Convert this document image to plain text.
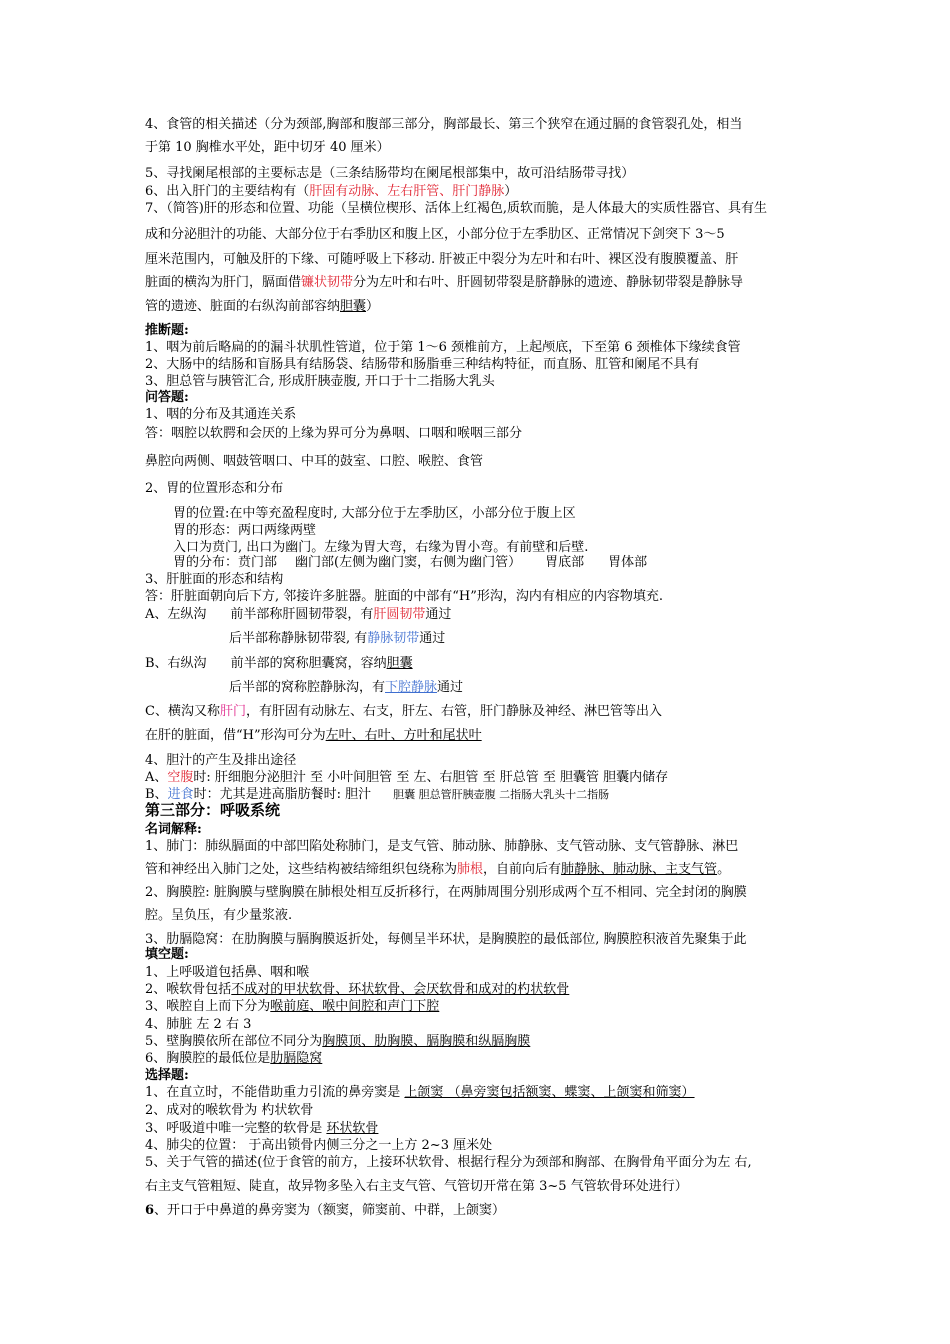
4、食管的相关描述（分为颈部,胸部和腹部三部分，胸部最长、第三个狭窄在通过膈的食管裂孔处，相当
于第 10 胸椎水平处，距中切牙 40 厘米）
5、寻找阑尾根部的主要标志是（三条结肠带均在阑尾根部集中，故可沿结肠带寻找）
6、出入肝门的主要结构有（肝固有动脉、左右肝管、肝门静脉）
7、（简答)肝的形态和位置、功能（呈横位楔形、活体上红褐色,质软而脆，是人体最大的实质性器官、具有生
成和分泌胆汁的功能、大部分位于右季肋区和腹上区，小部分位于左季肋区、正常情况下剑突下 3～5
厘米范围内，可触及肝的下缘、可随呼吸上下移动. 肝被正中裂分为左叶和右叶、裸区没有腹膜覆盖、肝
脏面的横沟为肝门，膈面借镰状韧带分为左叶和右叶、肝圆韧带裂是脐静脉的遗迹、静脉韧带裂是静脉导
管的遗迹、脏面的右纵沟前部容纳胆囊）
推断题:
1、咽为前后略扁的的漏斗状肌性管道，位于第 1～6 颈椎前方，上起颅底，下至第 6 颈椎体下缘续食管
2、大肠中的结肠和盲肠具有结肠袋、结肠带和肠脂垂三种结构特征，而直肠、肛管和阑尾不具有
3、胆总管与胰管汇合, 形成肝胰壶腹, 开口于十二指肠大乳头
问答题:
1、咽的分布及其通连关系
答：咽腔以软腭和会厌的上缘为界可分为鼻咽、口咽和喉咽三部分
鼻腔向两侧、咽鼓管咽口、中耳的鼓室、口腔、喉腔、食管
2、胃的位置形态和分布
胃的位置:在中等充盈程度时, 大部分位于左季肋区，小部分位于腹上区
胃的形态：两口两缘两壁
入口为贲门, 出口为幽门。左缘为胃大弯，右缘为胃小弯。有前壁和后壁.
胃的分布：贲门部 幽门部(左侧为幽门窦，右侧为幽门管） 胃底部 胃体部
3、肝脏面的形态和结构
答：肝脏面朝向后下方, 邻接许多脏器。脏面的中部有“H”形沟，沟内有相应的内容物填充.
A、左纵沟 前半部称肝圆韧带裂，有肝圆韧带通过
后半部称静脉韧带裂, 有静脉韧带通过
B、右纵沟 前半部的窝称胆囊窝，容纳胆囊
后半部的窝称腔静脉沟，有下腔静脉通过
C、横沟又称肝门，有肝固有动脉左、右支，肝左、右管，肝门静脉及神经、淋巴管等出入
在肝的脏面，借“H”形沟可分为左叶、右叶、方叶和尾状叶
4、胆汁的产生及排出途径
A、空腹时: 肝细胞分泌胆汁 至 小叶间胆管 至 左、右胆管 至 肝总管 至 胆囊管 胆囊内储存
B、进食时：尤其是进高脂肪餐时: 胆汁 胆囊 胆总管肝胰壶腹 二指肠大乳头十二指肠
第三部分：呼吸系统
名词解释:
1、肺门：肺纵膈面的中部凹陷处称肺门，是支气管、肺动脉、肺静脉、支气管动脉、支气管静脉、淋巴
管和神经出入肺门之处，这些结构被结缔组织包绕称为肺根，自前向后有肺静脉、肺动脉、主支气管。
2、胸膜腔: 脏胸膜与壁胸膜在肺根处相互反折移行，在两肺周围分别形成两个互不相同、完全封闭的胸膜
腔。呈负压，有少量浆液.
3、肋膈隐窝：在肋胸膜与膈胸膜返折处，每侧呈半环状，是胸膜腔的最低部位, 胸膜腔积液首先聚集于此
填空题:
1、上呼吸道包括鼻、咽和喉
2、喉软骨包括不成对的甲状软骨、环状软骨、会厌软骨和成对的杓状软骨
3、喉腔自上而下分为喉前庭、喉中间腔和声门下腔
4、肺脏 左 2 右 3
5、壁胸膜依所在部位不同分为胸膜顶、肋胸膜、膈胸膜和纵膈胸膜
6、胸膜腔的最低位是肋膈隐窝
选择题:
1、在直立时，不能借助重力引流的鼻旁窦是 上颌窦 （鼻旁窦包括额窦、蝶窦、上颌窦和筛窦）
2、成对的喉软骨为 杓状软骨
3、呼吸道中唯一完整的软骨是 环状软骨
4、肺尖的位置： 于高出锁骨内侧三分之一上方 2~3 厘米处
5、关于气管的描述(位于食管的前方，上接环状软骨、根据行程分为颈部和胸部、在胸骨角平面分为左 右,
右主支气管粗短、陡直，故异物多坠入右主支气管、气管切开常在第 3~5 气管软骨环处进行）
6、开口于中鼻道的鼻旁窦为（额窦，筛窦前、中群，上颌窦）
